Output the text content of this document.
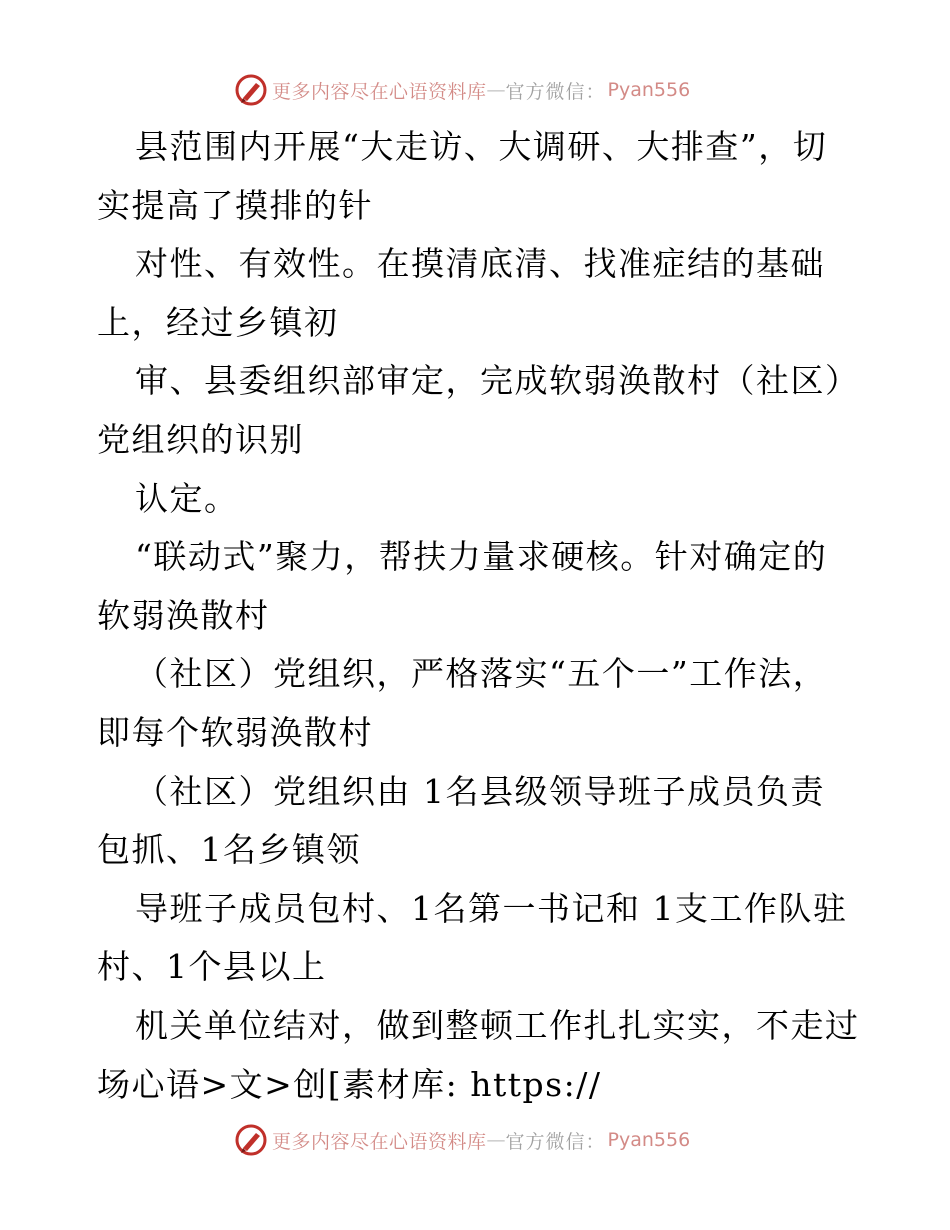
更多内容尽在心语资料库 — 官方微信： Pyan556

县范围内开展“大走访、大调研、大排查”，切
实提高了摸排的针

对性、有效性。在摸清底清、找准症结的基础
上，经过乡镇初

审、县委组织部审定，完成软弱涣散村（社区）
党组织的识别

认定。

“联动式”聚力，帮扶力量求硬核。针对确定的
软弱涣散村

（社区）党组织，严格落实“五个一”工作法，
即每个软弱涣散村

（社区）党组织由 1名县级领导班子成员负责
包抓、1名乡镇领

导班子成员包村、1名第一书记和 1支工作队驻
村、1个县以上

机关单位结对，做到整顿工作扎扎实实，不走过
场心语>文>创[素材库: https://

更多内容尽在心语资料库 — 官方微信： Pyan556
